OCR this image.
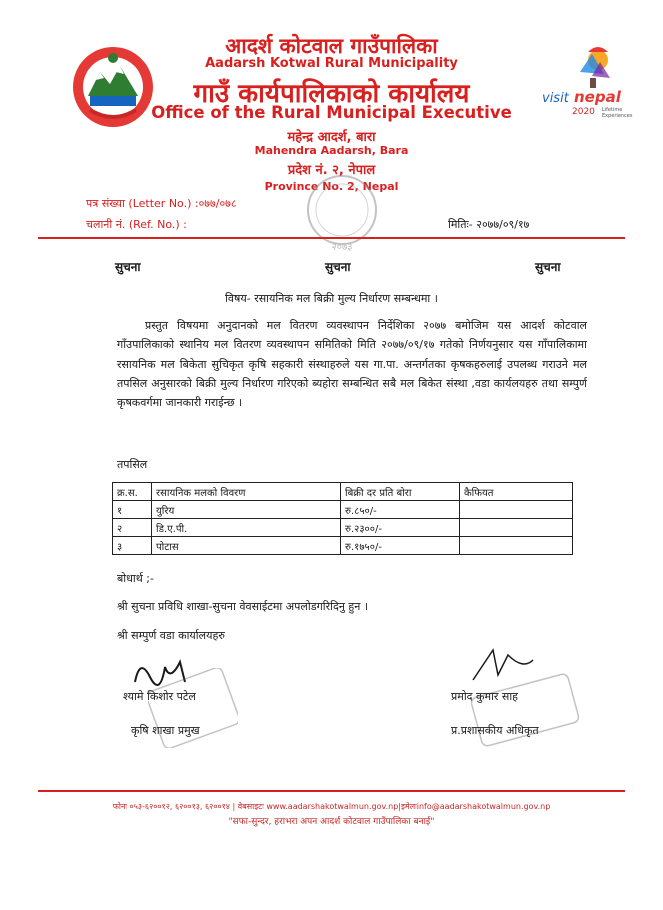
visit nepal
2020 Lifetime
Experiences
आदर्श कोटवाल गाउँपालिका
Aadarsh Kotwal Rural Municipality
गाउँ कार्यपालिकाको कार्यालय
Office of the Rural Municipal Executive
महेन्द्र आदर्श, बारा
Mahendra Aadarsh, Bara
प्रदेश नं. २, नेपाल
Province No. 2, Nepal
२०७३
पत्र संख्या (Letter No.) :०७७/०७८
चलानी नं. (Ref. No.) :	मितिः- २०७७/०९/१७
सुचना	सुचना	सुचना
विषय- रसायनिक मल बिक्री मुल्य निर्धारण सम्बन्धमा ।

प्रस्तुत विषयमा अनुदानको मल वितरण व्यवस्थापन निर्देशिका २०७७ बमोजिम यस आदर्श कोटवाल गाँउपालिकाको स्थानिय मल वितरण व्यवस्थापन समितिको मिति २०७७/०९/१७ गतेको निर्णयनुसार यस गाँपालिकामा रसायनिक मल बिकेता सुचिकृत कृषि सहकारी संस्थाहरुले यस गा.पा. अन्तर्गतका कृषकहरुलाई उपलब्ध गराउने मल तपसिल अनुसारको बिक्री मुल्य निर्धारण गरिएको ब्यहोरा सम्बन्धित सबै मल बिकेत संस्था ,वडा कार्यलयहरु तथा सम्पुर्ण कृषकवर्गमा जानकारी गराईन्छ ।

तपसिल
क्र.स.	रसायनिक मलको विवरण	बिक्री दर प्रति बोरा	कैफियत
१	युरिय	रु.८५०/-	
२	डि.ए.पी.	रु.२३००/-	
३	पोटास	रु.१७५०/-	
बोधार्थ ;-
श्री सुचना प्रविधि शाखा-सुचना वेवसाईटमा अपलोडगरिदिनु हुन ।
श्री सम्पुर्ण वडा कार्यालयहरु
श्यामे किशोर पटेल
कृषि शाखा प्रमुख
प्रमोद कुमार साह
प्र.प्रशासकीय अधिकृत
फोनः ०५३-६२००१२, ६२००१३, ६२००१४ | वेबसाइटः www.aadarshakotwalmun.gov.np|इमेलःinfo@aadarshakotwalmun.gov.np
"सफा-सुन्दर, हराभरा अपन आदर्श कोटवाल गाउँपालिका बनाई"
